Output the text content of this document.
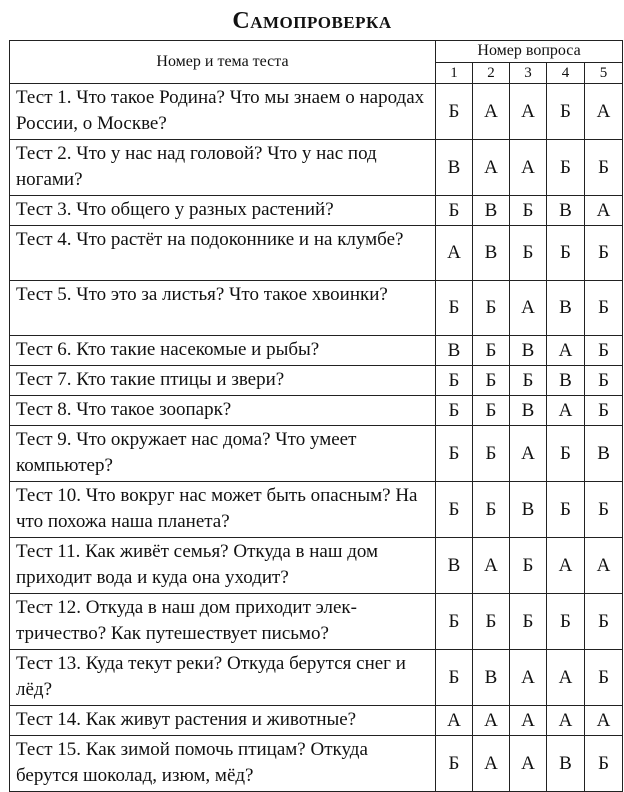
Самопроверка
Номер и тема теста	Номер вопроса				
	1	2	3	4	5
Тест 1. Что такое Родина? Что мы знаем о народах России, о Москве?	Б	А	А	Б	А
Тест 2. Что у нас над головой? Что у нас под ногами?	В	А	А	Б	Б
Тест 3. Что общего у разных растений?	Б	В	Б	В	А
Тест 4. Что растёт на подоконнике и на клумбе?	А	В	Б	Б	Б
Тест 5. Что это за листья? Что такое хвоинки?	Б	Б	А	В	Б
Тест 6. Кто такие насекомые и рыбы?	В	Б	В	А	Б
Тест 7. Кто такие птицы и звери?	Б	Б	Б	В	Б
Тест 8. Что такое зоопарк?	Б	Б	В	А	Б
Тест 9. Что окружает нас дома? Что умеет компьютер?	Б	Б	А	Б	В
Тест 10. Что вокруг нас может быть опасным? На что похожа наша планета?	Б	Б	В	Б	Б
Тест 11. Как живёт семья? Откуда в наш дом приходит вода и куда она уходит?	В	А	Б	А	А
Тест 12. Откуда в наш дом приходит электричество? Как путешествует письмо?	Б	Б	Б	Б	Б
Тест 13. Куда текут реки? Откуда берутся снег и лёд?	Б	В	А	А	Б
Тест 14. Как живут растения и животные?	А	А	А	А	А
Тест 15. Как зимой помочь птицам? Откуда берутся шоколад, изюм, мёд?	Б	А	А	В	Б
